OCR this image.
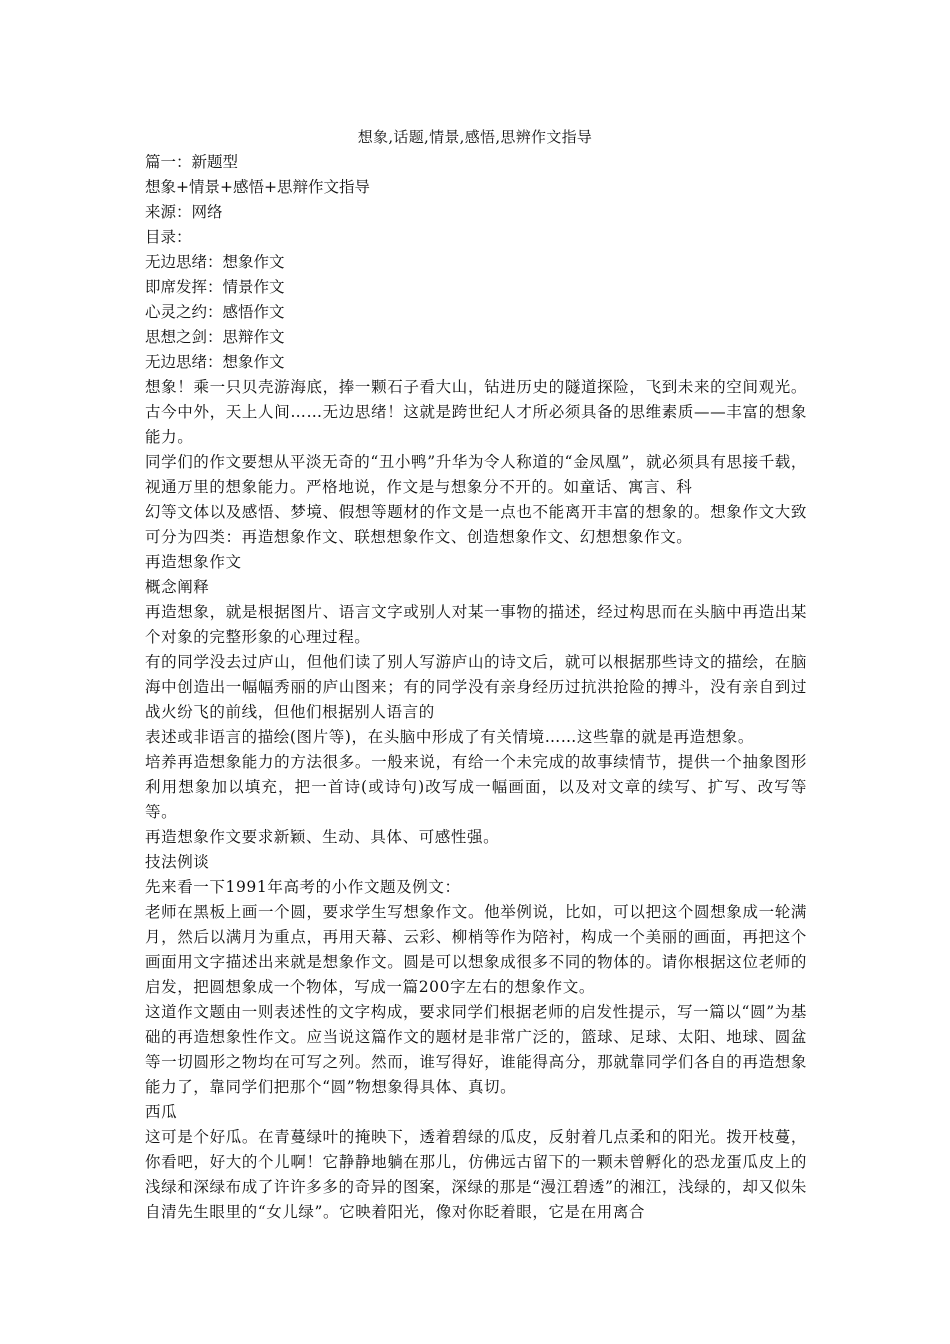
想象,话题,情景,感悟,思辨作文指导

篇一：新题型

想象+情景+感悟+思辩作文指导

来源：网络

目录：

无边思绪：想象作文

即席发挥：情景作文

心灵之约：感悟作文

思想之剑：思辩作文

无边思绪：想象作文

想象！乘一只贝壳游海底，捧一颗石子看大山，钻进历史的隧道探险，飞到未来的空间观光。古今中外，天上人间……无边思绪！这就是跨世纪人才所必须具备的思维素质——丰富的想象能力。

同学们的作文要想从平淡无奇的“丑小鸭”升华为令人称道的“金凤凰”，就必须具有思接千载，视通万里的想象能力。严格地说，作文是与想象分不开的。如童话、寓言、科

幻等文体以及感悟、梦境、假想等题材的作文是一点也不能离开丰富的想象的。想象作文大致可分为四类：再造想象作文、联想想象作文、创造想象作文、幻想想象作文。

再造想象作文

概念阐释

再造想象，就是根据图片、语言文字或别人对某一事物的描述，经过构思而在头脑中再造出某个对象的完整形象的心理过程。

有的同学没去过庐山，但他们读了别人写游庐山的诗文后，就可以根据那些诗文的描绘，在脑海中创造出一幅幅秀丽的庐山图来；有的同学没有亲身经历过抗洪抢险的搏斗，没有亲自到过战火纷飞的前线，但他们根据别人语言的

表述或非语言的描绘(图片等)，在头脑中形成了有关情境……这些靠的就是再造想象。

培养再造想象能力的方法很多。一般来说，有给一个未完成的故事续情节，提供一个抽象图形利用想象加以填充，把一首诗(或诗句)改写成一幅画面，以及对文章的续写、扩写、改写等等。

再造想象作文要求新颖、生动、具体、可感性强。

技法例谈

先来看一下1991年高考的小作文题及例文：

老师在黑板上画一个圆，要求学生写想象作文。他举例说，比如，可以把这个圆想象成一轮满月，然后以满月为重点，再用天幕、云彩、柳梢等作为陪衬，构成一个美丽的画面，再把这个画面用文字描述出来就是想象作文。圆是可以想象成很多不同的物体的。请你根据这位老师的启发，把圆想象成一个物体，写成一篇200字左右的想象作文。

这道作文题由一则表述性的文字构成，要求同学们根据老师的启发性提示，写一篇以“圆”为基础的再造想象性作文。应当说这篇作文的题材是非常广泛的，篮球、足球、太阳、地球、圆盆等一切圆形之物均在可写之列。然而，谁写得好，谁能得高分，那就靠同学们各自的再造想象能力了，靠同学们把那个“圆”物想象得具体、真切。

西瓜

这可是个好瓜。在青蔓绿叶的掩映下，透着碧绿的瓜皮，反射着几点柔和的阳光。拨开枝蔓，你看吧，好大的个儿啊！它静静地躺在那儿，仿佛远古留下的一颗未曾孵化的恐龙蛋瓜皮上的浅绿和深绿布成了许许多多的奇异的图案，深绿的那是“漫江碧透”的湘江，浅绿的，却又似朱自清先生眼里的“女儿绿”。它映着阳光，像对你眨着眼，它是在用离合
